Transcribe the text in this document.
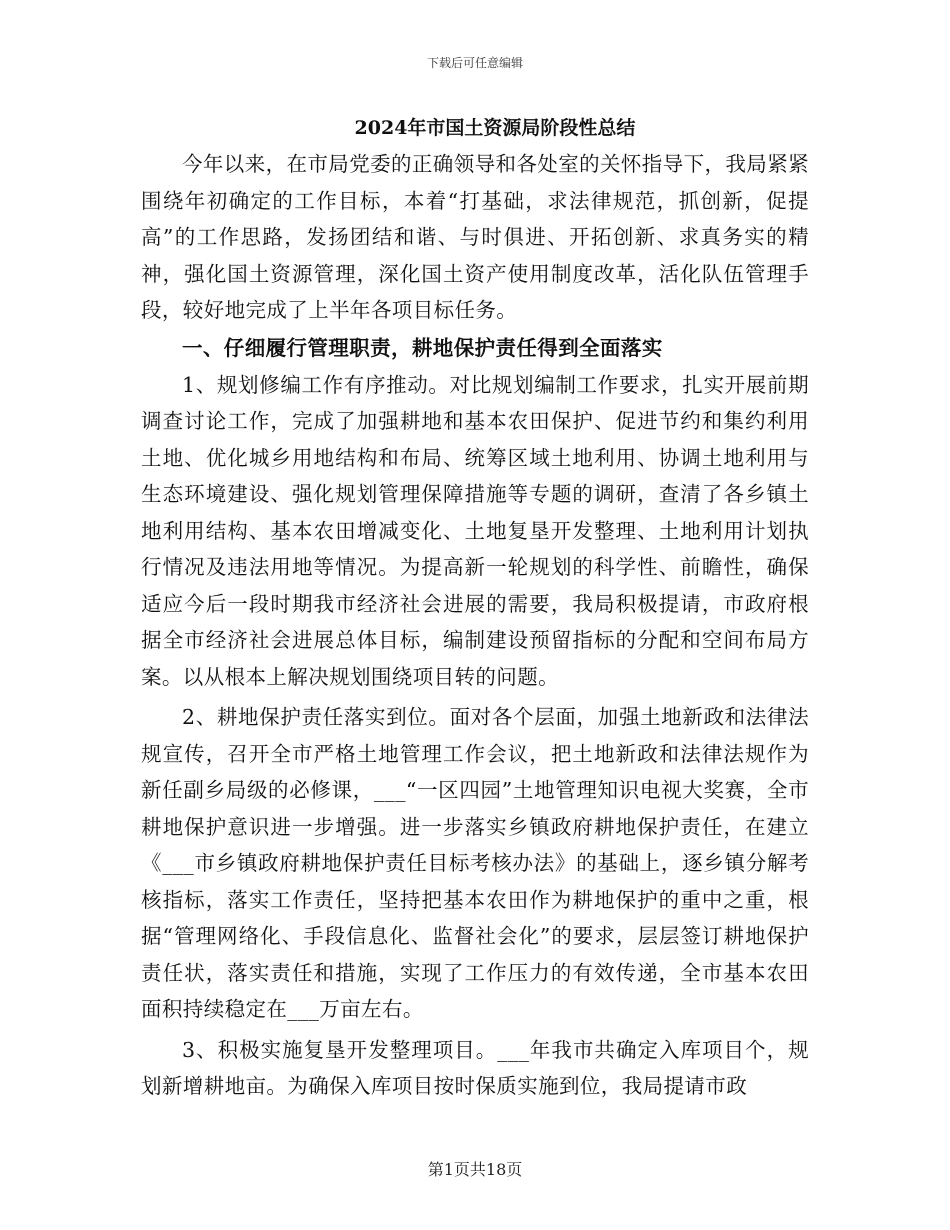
下载后可任意编辑
2024年市国土资源局阶段性总结

今年以来，在市局党委的正确领导和各处室的关怀指导下，我局紧紧围绕年初确定的工作目标，本着“打基础，求法律规范，抓创新，促提高”的工作思路，发扬团结和谐、与时俱进、开拓创新、求真务实的精神，强化国土资源管理，深化国土资产使用制度改革，活化队伍管理手段，较好地完成了上半年各项目标任务。

一、仔细履行管理职责，耕地保护责任得到全面落实

1、规划修编工作有序推动。对比规划编制工作要求，扎实开展前期调查讨论工作，完成了加强耕地和基本农田保护、促进节约和集约利用土地、优化城乡用地结构和布局、统筹区域土地利用、协调土地利用与生态环境建设、强化规划管理保障措施等专题的调研，查清了各乡镇土地利用结构、基本农田增减变化、土地复垦开发整理、土地利用计划执行情况及违法用地等情况。为提高新一轮规划的科学性、前瞻性，确保适应今后一段时期我市经济社会进展的需要，我局积极提请，市政府根据全市经济社会进展总体目标，编制建设预留指标的分配和空间布局方案。以从根本上解决规划围绕项目转的问题。

2、耕地保护责任落实到位。面对各个层面，加强土地新政和法律法规宣传，召开全市严格土地管理工作会议，把土地新政和法律法规作为新任副乡局级的必修课，___“一区四园”土地管理知识电视大奖赛，全市耕地保护意识进一步增强。进一步落实乡镇政府耕地保护责任，在建立《___市乡镇政府耕地保护责任目标考核办法》的基础上，逐乡镇分解考核指标，落实工作责任，坚持把基本农田作为耕地保护的重中之重，根据“管理网络化、手段信息化、监督社会化”的要求，层层签订耕地保护责任状，落实责任和措施，实现了工作压力的有效传递，全市基本农田面积持续稳定在___万亩左右。

3、积极实施复垦开发整理项目。___年我市共确定入库项目个，规划新增耕地亩。为确保入库项目按时保质实施到位，我局提请市政

第1页共18页
